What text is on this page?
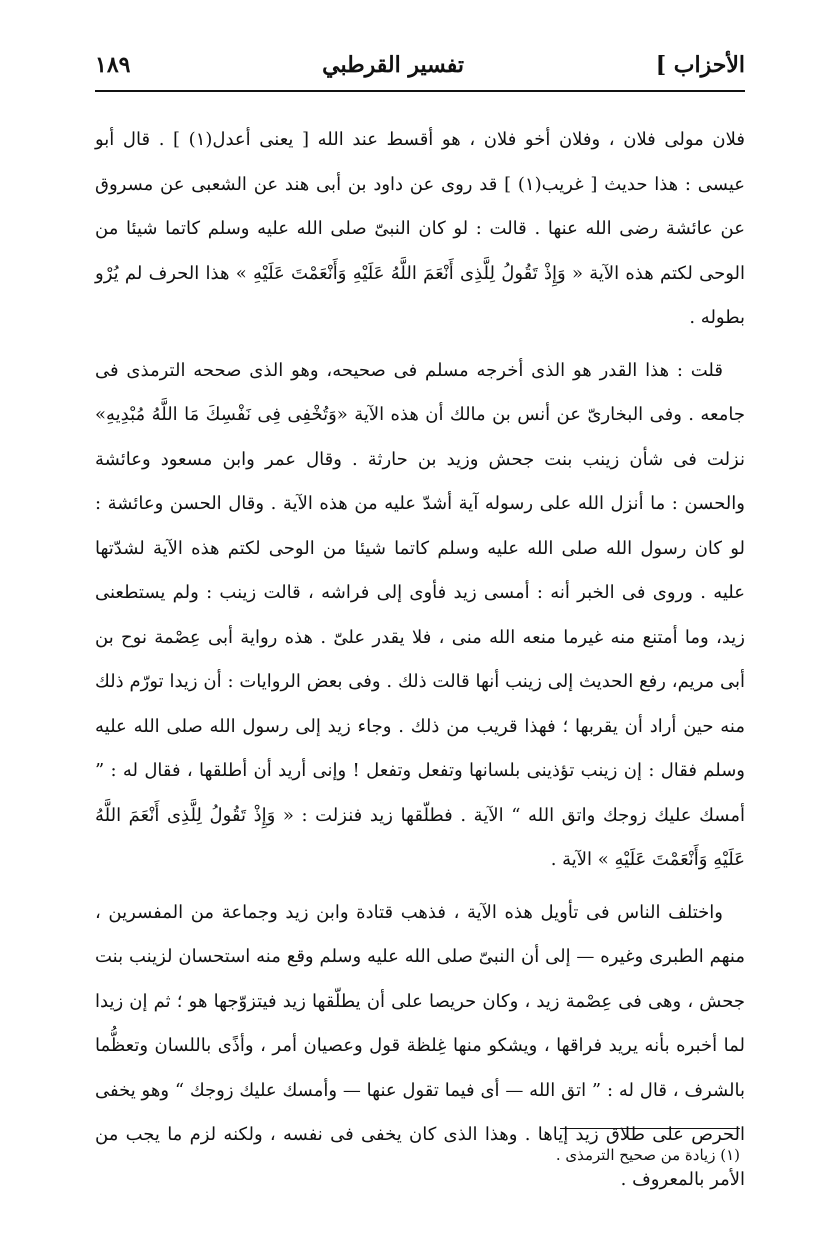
الأحزاب ]
تفسير القرطبي
١٨٩

فلان مولى فلان ، وفلان أخو فلان ، هو أقسط عند الله [ يعنى أعدل(١) ] . قال أبو عيسى : هذا حديث [ غريب(١) ] قد روى عن داود بن أبى هند عن الشعبى عن مسروق عن عائشة رضى الله عنها . قالت : لو كان النبىّ صلى الله عليه وسلم كاتما شيئا من الوحى لكتم هذه الآية « وَإِذْ تَقُولُ لِلَّذِى أَنْعَمَ اللَّهُ عَلَيْهِ وَأَنْعَمْتَ عَلَيْهِ » هذا الحرف لم يُرْو بطوله .

قلت : هذا القدر هو الذى أخرجه مسلم فى صحيحه، وهو الذى صححه الترمذى فى جامعه . وفى البخارىّ عن أنس بن مالك أن هذه الآية «وَتُخْفِى فِى نَفْسِكَ مَا اللَّهُ مُبْدِيهِ» نزلت فى شأن زينب بنت جحش وزيد بن حارثة . وقال عمر وابن مسعود وعائشة والحسن : ما أنزل الله على رسوله آية أشدّ عليه من هذه الآية . وقال الحسن وعائشة : لو كان رسول الله صلى الله عليه وسلم كاتما شيئا من الوحى لكتم هذه الآية لشدّتها عليه . وروى فى الخبر أنه : أمسى زيد فأوى إلى فراشه ، قالت زينب : ولم يستطعنى زيد، وما أمتنع منه غيرما منعه الله منى ، فلا يقدر علىّ . هذه رواية أبى عِصْمة نوح بن أبى مريم، رفع الحديث إلى زينب أنها قالت ذلك . وفى بعض الروايات : أن زيدا تورّم ذلك منه حين أراد أن يقربها ؛ فهذا قريب من ذلك . وجاء زيد إلى رسول الله صلى الله عليه وسلم فقال : إن زينب تؤذينى بلسانها وتفعل وتفعل ! وإنى أريد أن أطلقها ، فقال له : ” أمسك عليك زوجك واتق الله “ الآية . فطلّقها زيد فنزلت : « وَإِذْ تَقُولُ لِلَّذِى أَنْعَمَ اللَّهُ عَلَيْهِ وَأَنْعَمْتَ عَلَيْهِ » الآية .

واختلف الناس فى تأويل هذه الآية ، فذهب قتادة وابن زيد وجماعة من المفسرين ، منهم الطبرى وغيره — إلى أن النبىّ صلى الله عليه وسلم وقع منه استحسان لزينب بنت جحش ، وهى فى عِصْمة زيد ، وكان حريصا على أن يطلّقها زيد فيتزوّجها هو ؛ ثم إن زيدا لما أخبره بأنه يريد فراقها ، ويشكو منها غِلظة قول وعصيان أمر ، وأذًى باللسان وتعظُّما بالشرف ، قال له : ” اتق الله — أى فيما تقول عنها — وأمسك عليك زوجك “ وهو يخفى الحرص على طلاق زيد إياها . وهذا الذى كان يخفى فى نفسه ، ولكنه لزم ما يجب من الأمر بالمعروف .

(١) زيادة من صحيح الترمذى .
